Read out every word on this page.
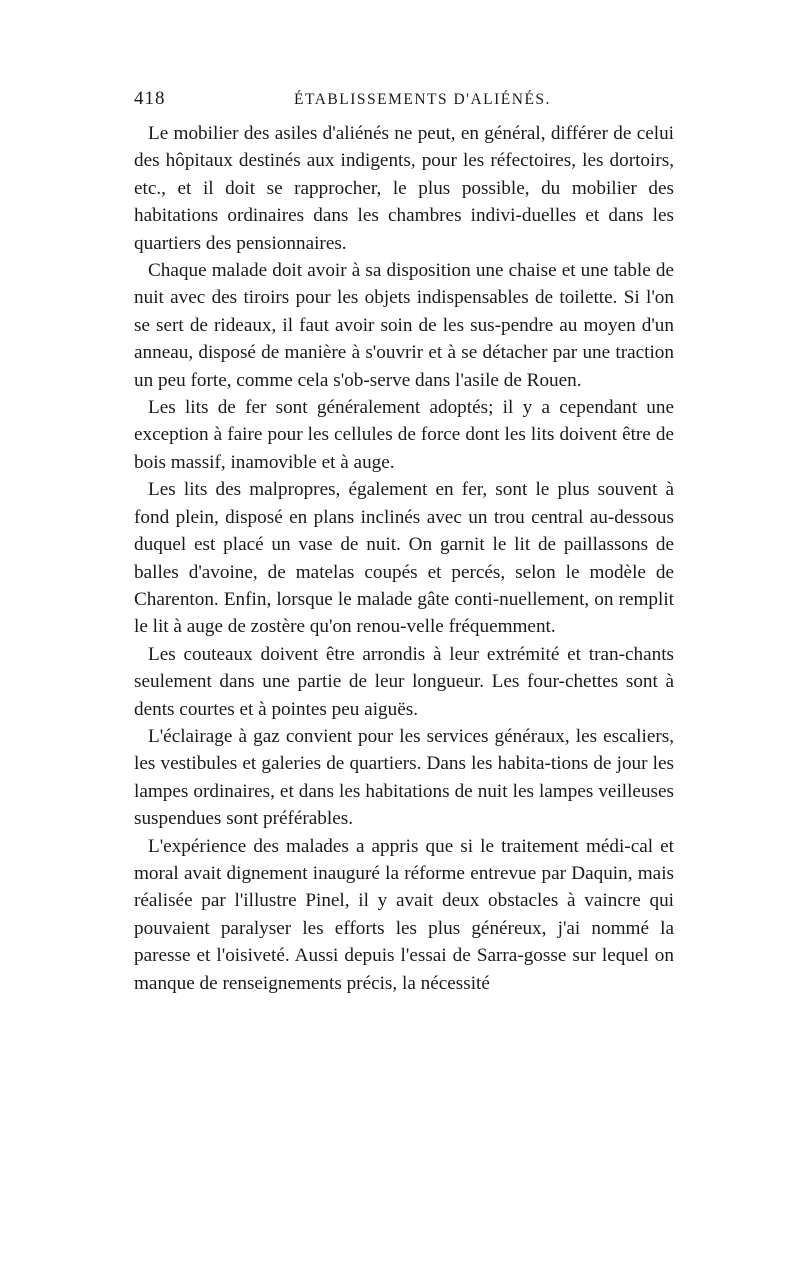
418	ÉTABLISSEMENTS D'ALIÉNÉS.

Le mobilier des asiles d'aliénés ne peut, en général, différer de celui des hôpitaux destinés aux indigents, pour les réfectoires, les dortoirs, etc., et il doit se rapprocher, le plus possible, du mobilier des habitations ordinaires dans les chambres indivi-duelles et dans les quartiers des pensionnaires.

Chaque malade doit avoir à sa disposition une chaise et une table de nuit avec des tiroirs pour les objets indispensables de toilette. Si l'on se sert de rideaux, il faut avoir soin de les sus-pendre au moyen d'un anneau, disposé de manière à s'ouvrir et à se détacher par une traction un peu forte, comme cela s'ob-serve dans l'asile de Rouen.

Les lits de fer sont généralement adoptés; il y a cependant une exception à faire pour les cellules de force dont les lits doivent être de bois massif, inamovible et à auge.

Les lits des malpropres, également en fer, sont le plus souvent à fond plein, disposé en plans inclinés avec un trou central au-dessous duquel est placé un vase de nuit. On garnit le lit de paillassons de balles d'avoine, de matelas coupés et percés, selon le modèle de Charenton. Enfin, lorsque le malade gâte conti-nuellement, on remplit le lit à auge de zostère qu'on renou-velle fréquemment.

Les couteaux doivent être arrondis à leur extrémité et tran-chants seulement dans une partie de leur longueur. Les four-chettes sont à dents courtes et à pointes peu aiguës.

L'éclairage à gaz convient pour les services généraux, les escaliers, les vestibules et galeries de quartiers. Dans les habita-tions de jour les lampes ordinaires, et dans les habitations de nuit les lampes veilleuses suspendues sont préférables.

L'expérience des malades a appris que si le traitement médi-cal et moral avait dignement inauguré la réforme entrevue par Daquin, mais réalisée par l'illustre Pinel, il y avait deux obstacles à vaincre qui pouvaient paralyser les efforts les plus généreux, j'ai nommé la paresse et l'oisiveté. Aussi depuis l'essai de Sarra-gosse sur lequel on manque de renseignements précis, la nécessité
